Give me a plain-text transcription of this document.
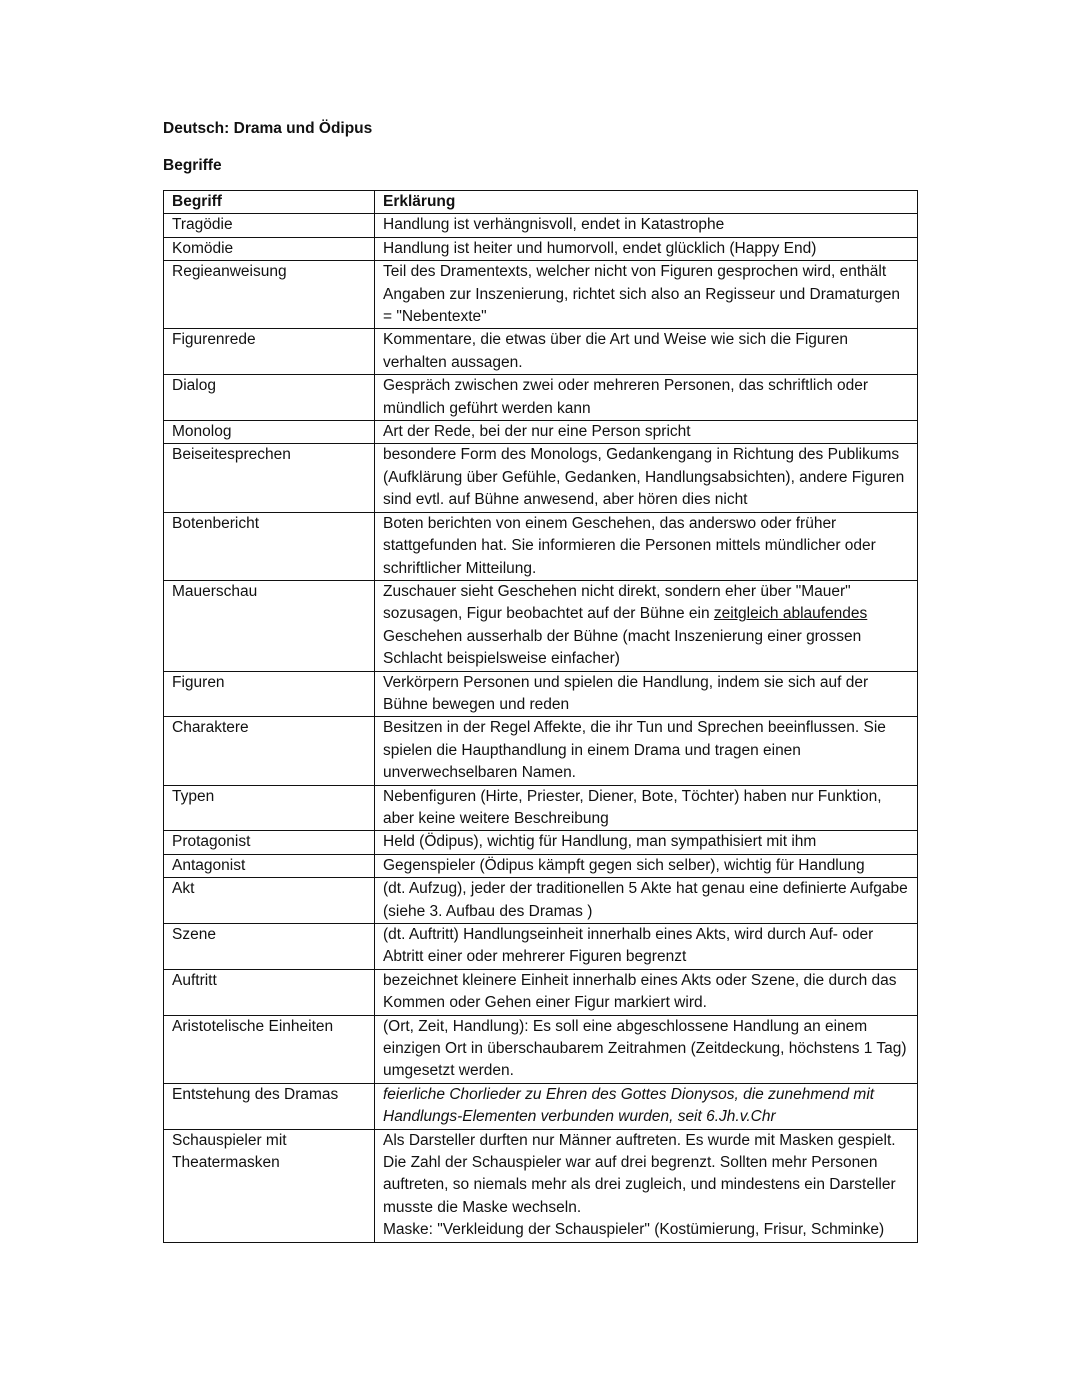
Deutsch: Drama und Ödipus

Begriffe

Begriff	Erklärung
Tragödie	Handlung ist verhängnisvoll, endet in Katastrophe
Komödie	Handlung ist heiter und humorvoll, endet glücklich (Happy End)
Regieanweisung	Teil des Dramentexts, welcher nicht von Figuren gesprochen wird, enthält Angaben zur Inszenierung, richtet sich also an Regisseur und Dramaturgen = "Nebentexte"
Figurenrede	Kommentare, die etwas über die Art und Weise wie sich die Figuren verhalten aussagen.
Dialog	Gespräch zwischen zwei oder mehreren Personen, das schriftlich oder mündlich geführt werden kann
Monolog	Art der Rede, bei der nur eine Person spricht
Beiseitesprechen	besondere Form des Monologs, Gedankengang in Richtung des Publikums (Aufklärung über Gefühle, Gedanken, Handlungsabsichten), andere Figuren sind evtl. auf Bühne anwesend, aber hören dies nicht
Botenbericht	Boten berichten von einem Geschehen, das anderswo oder früher stattgefunden hat. Sie informieren die Personen mittels mündlicher oder schriftlicher Mitteilung.
Mauerschau	Zuschauer sieht Geschehen nicht direkt, sondern eher über "Mauer" sozusagen, Figur beobachtet auf der Bühne ein zeitgleich ablaufendes Geschehen ausserhalb der Bühne (macht Inszenierung einer grossen Schlacht beispielsweise einfacher)
Figuren	Verkörpern Personen und spielen die Handlung, indem sie sich auf der Bühne bewegen und reden
Charaktere	Besitzen in der Regel Affekte, die ihr Tun und Sprechen beeinflussen. Sie spielen die Haupthandlung in einem Drama und tragen einen unverwechselbaren Namen.
Typen	Nebenfiguren (Hirte, Priester, Diener, Bote, Töchter) haben nur Funktion, aber keine weitere Beschreibung
Protagonist	Held (Ödipus), wichtig für Handlung, man sympathisiert mit ihm
Antagonist	Gegenspieler (Ödipus kämpft gegen sich selber), wichtig für Handlung
Akt	(dt. Aufzug), jeder der traditionellen 5 Akte hat genau eine definierte Aufgabe (siehe 3. Aufbau des Dramas )
Szene	(dt. Auftritt) Handlungseinheit innerhalb eines Akts, wird durch Auf- oder Abtritt einer oder mehrerer Figuren begrenzt
Auftritt	bezeichnet kleinere Einheit innerhalb eines Akts oder Szene, die durch das Kommen oder Gehen einer Figur markiert wird.
Aristotelische Einheiten	(Ort, Zeit, Handlung): Es soll eine abgeschlossene Handlung an einem einzigen Ort in überschaubarem Zeitrahmen (Zeitdeckung, höchstens 1 Tag) umgesetzt werden.
Entstehung des Dramas	feierliche Chorlieder zu Ehren des Gottes Dionysos, die zunehmend mit Handlungs-Elementen verbunden wurden, seit 6.Jh.v.Chr
Schauspieler mit Theatermasken	Als Darsteller durften nur Männer auftreten. Es wurde mit Masken gespielt. Die Zahl der Schauspieler war auf drei begrenzt. Sollten mehr Personen auftreten, so niemals mehr als drei zugleich, und mindestens ein Darsteller musste die Maske wechseln.
Maske: "Verkleidung der Schauspieler" (Kostümierung, Frisur, Schminke)
